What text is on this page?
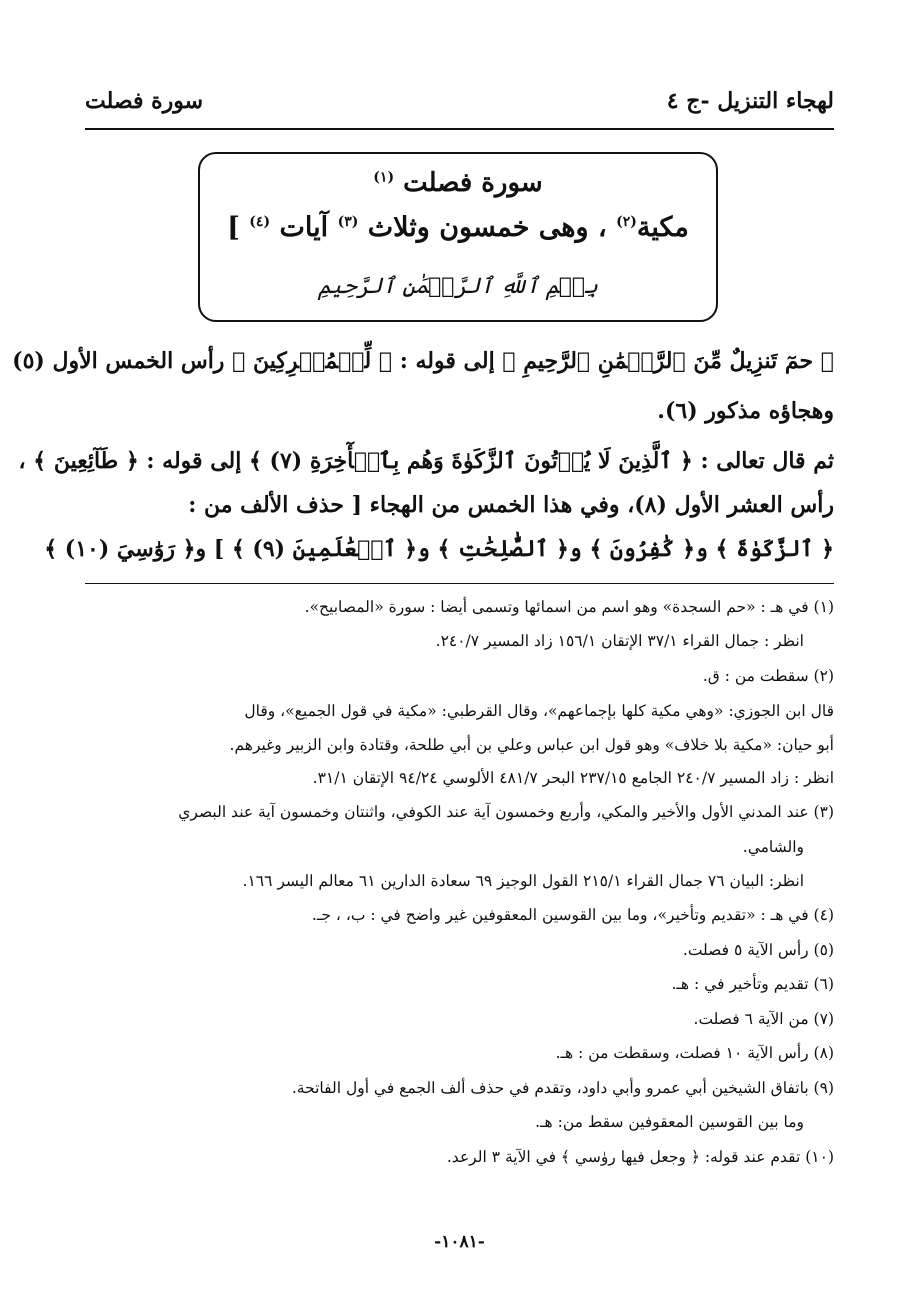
لهجاء التنزيل -ج ٤
سورة فصلت
سورة فصلت $^{(١)}$
مكية$^{(٢)}$ ، وهى خمسون وثلاث $^{(٣)}$ آيات $^{(٤)}$ ]
بِسۡمِ ٱللَّهِ ٱلرَّحۡمَٰنِ ٱلرَّحِيمِ
﴿ حمٓ تَنزِيلٌ مِّنَ ٱلرَّحۡمَٰنِ ٱلرَّحِيمِ ﴾ إلى قوله : ﴿ لِّلۡمُشۡرِكِينَ ﴾ رأس الخمس الأول (٥)
وهجاؤه مذكور (٦).
ثم قال تعالى : ﴿ ٱلَّذِينَ لَا يُؤۡتُونَ ٱلزَّكَوٰةَ وَهُم بِٱلۡأٓخِرَةِ (٧) ﴾ إلى قوله : ﴿ طَآئِعِينَ ﴾ ،
رأس العشر الأول (٨)، وفي هذا الخمس من الهجاء [ حذف الألف من :
﴿ ٱلزَّكَوٰةَ ﴾ و﴿ كَٰفِرُونَ ﴾ و﴿ ٱلصَّٰلِحَٰتِ ﴾ و﴿ ٱلۡعَٰلَمِينَ (٩) ﴾ ] و﴿ رَوَٰسِيَ (١٠) ﴾
(١) في هـ : «حم السجدة» وهو اسم من اسمائها وتسمى أيضا : سورة «المصابيح».
انظر : جمال القراء ٣٧/١ الإتقان ١٥٦/١ زاد المسير ٢٤٠/٧.
(٢) سقطت من : ق.
قال ابن الجوزي: «وهي مكية كلها بإجماعهم»، وقال القرطبي: «مكية في قول الجميع»، وقال
أبو حيان: «مكية بلا خلاف» وهو قول ابن عباس وعلي بن أبي طلحة، وقتادة وابن الزبير وغيرهم.
انظر : زاد المسير ٢٤٠/٧ الجامع ٢٣٧/١٥ البحر ٤٨١/٧ الألوسي ٩٤/٢٤ الإتقان ٣١/١.
(٣) عند المدني الأول والأخير والمكي، وأربع وخمسون آية عند الكوفي، واثنتان وخمسون آية عند البصري
والشامي.
انظر: البيان ٧٦ جمال القراء ٢١٥/١ القول الوجيز ٦٩ سعادة الدارين ٦١ معالم اليسر ١٦٦.
(٤) في هـ : «تقديم وتأخير»، وما بين القوسين المعقوفين غير واضح في : ب، ، جـ.
(٥) رأس الآية ٥ فصلت.
(٦) تقديم وتأخير في : هـ.
(٧) من الآية ٦ فصلت.
(٨) رأس الآية ١٠ فصلت، وسقطت من : هـ.
(٩) باتفاق الشيخين أبي عمرو وأبي داود، وتقدم في حذف ألف الجمع في أول الفاتحة.
وما بين القوسين المعقوفين سقط من: هـ.
(١٠) تقدم عند قوله: ﴿ وجعل فيها روٰسي ﴾ في الآية ٣ الرعد.
-١٠٨١-
